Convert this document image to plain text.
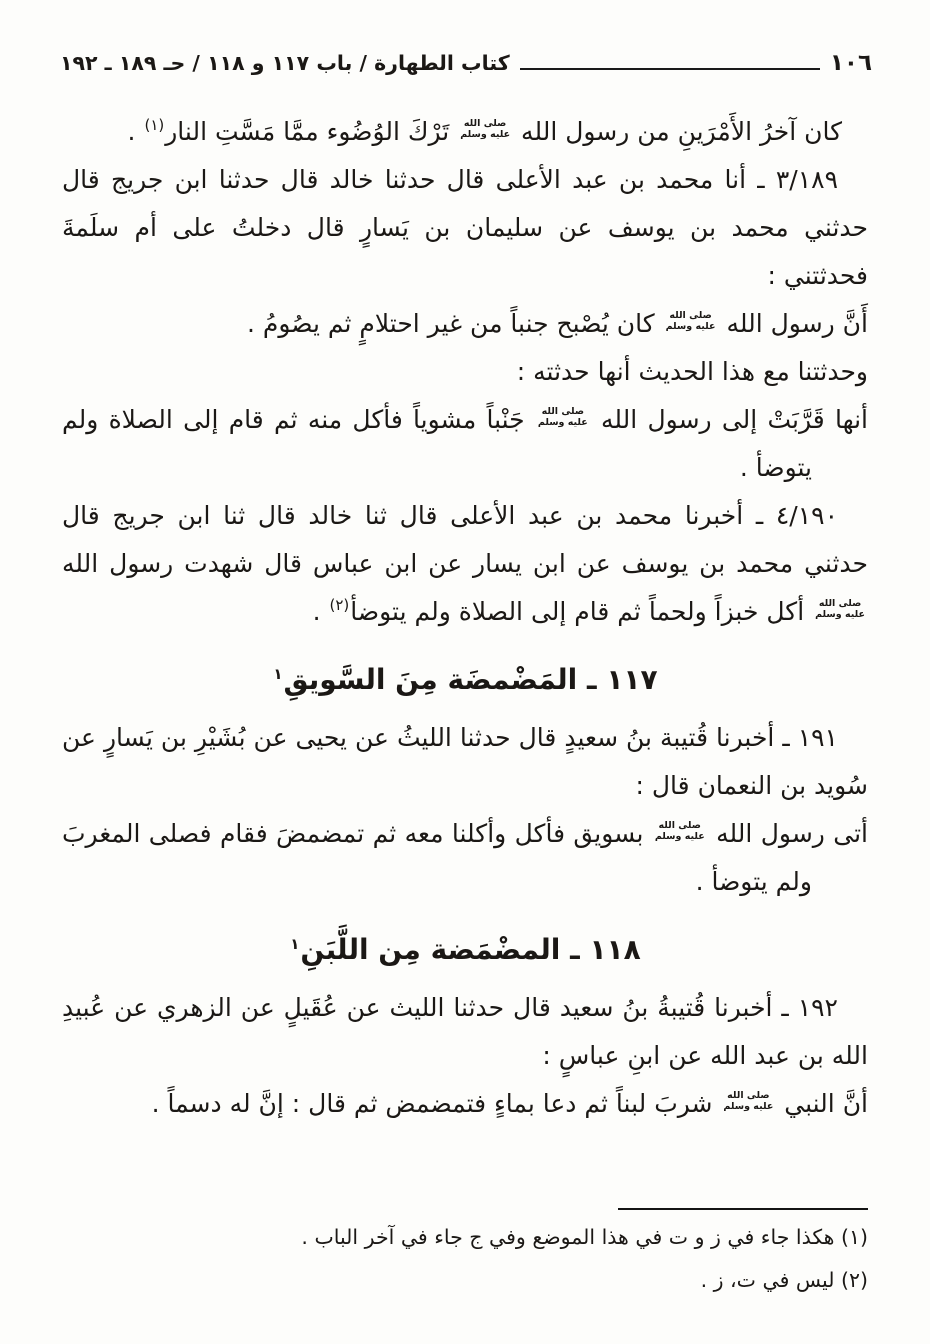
١٠٦
كتاب الطهارة / باب ١١٧ و ١١٨ / حـ ١٨٩ ـ ١٩٢

كان آخرُ الأَمْرَينِ من رسول الله
صلى الله
عليه وسلم
تَرْكَ الوُضُوء ممَّا مَسَّتِ النار$^{(١)}$ .

٣/١٨٩ ـ أنا محمد بن عبد الأعلى قال حدثنا خالد قال حدثنا ابن جريج قال حدثني محمد بن يوسف عن سليمان بن يَسارٍ قال دخلتُ على أم سلَمةَ فحدثتني :

أَنَّ رسول الله
صلى الله
عليه وسلم
كان يُصْبح جنباً من غير احتلامٍ ثم يصُومُ .

وحدثتنا مع هذا الحديث أنها حدثته :

أنها قَرَّبَتْ إلى رسول الله
صلى الله
عليه وسلم
جَنْباً مشوياً فأكل منه ثم قام إلى الصلاة ولم يتوضأ .

٤/١٩٠ ـ أخبرنا محمد بن عبد الأعلى قال ثنا خالد قال ثنا ابن جريج قال حدثني محمد بن يوسف عن ابن يسار عن ابن عباس قال شهدت رسول الله
صلى الله
عليه وسلم
أكل خبزاً ولحماً ثم قام إلى الصلاة ولم يتوضأ$^{(٢)}$ .

١١٧ ـ المَضْمضَة مِنَ السَّويقِ$^١$

١٩١ ـ أخبرنا قُتيبة بنُ سعيدٍ قال حدثنا الليثُ عن يحيى عن بُشَيْرِ بن يَسارٍ عن سُويد بن النعمان قال :

أتى رسول الله
صلى الله
عليه وسلم
بسويق فأكل وأكلنا معه ثم تمضمضَ فقام فصلى المغربَ ولم يتوضأ .

١١٨ ـ المضْمَضة مِن اللَّبَنِ$^١$

١٩٢ ـ أخبرنا قُتيبةُ بنُ سعيد قال حدثنا الليث عن عُقَيلٍ عن الزهري عن عُبيدِ الله بن عبد الله عن ابنِ عباسٍ :

أنَّ النبي
صلى الله
عليه وسلم
شربَ لبناً ثم دعا بماءٍ فتمضمض ثم قال : إنَّ له دسماً .

(١) هكذا جاء في ز و ت في هذا الموضع وفي ج جاء في آخر الباب .

(٢) ليس في ت، ز .
